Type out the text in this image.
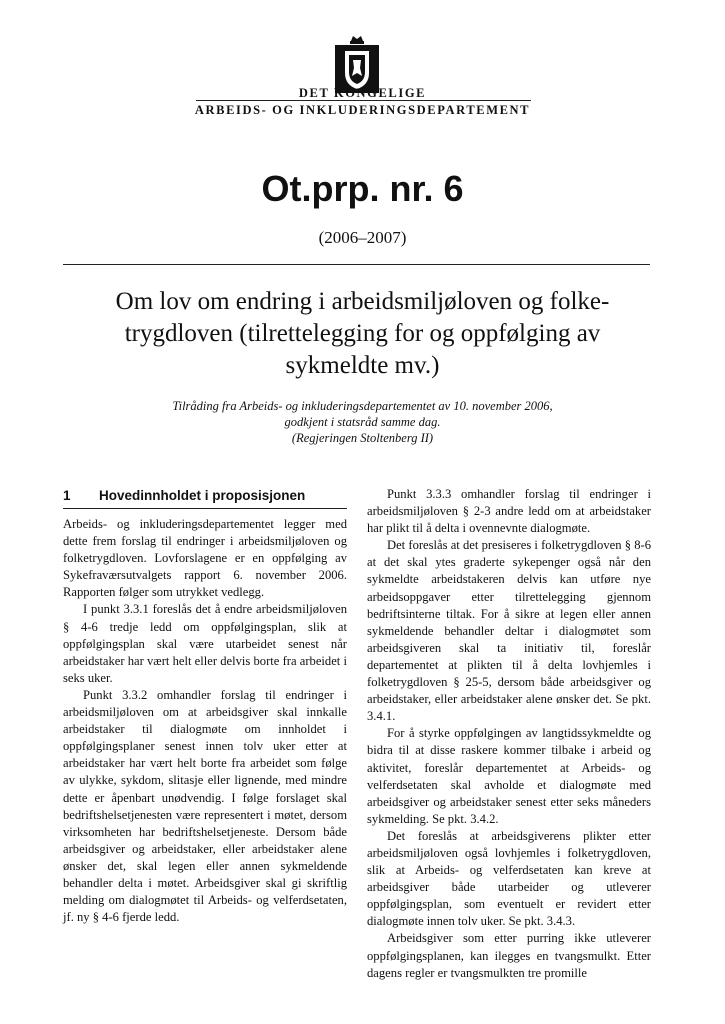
DET KONGELIGE
ARBEIDS- OG INKLUDERINGSDEPARTEMENT
Ot.prp. nr. 6
(2006–2007)
Om lov om endring i arbeidsmiljøloven og folketrygdloven (tilrettelegging for og oppfølging av sykmeldte mv.)
Tilråding fra Arbeids- og inkluderingsdepartementet av 10. november 2006,
godkjent i statsråd samme dag.
(Regjeringen Stoltenberg II)
1 Hovedinnholdet i proposisjonen

Arbeids- og inkluderingsdepartementet legger med dette frem forslag til endringer i arbeidsmiljøloven og folketrygdloven. Lovforslagene er en oppfølging av Sykefraværsutvalgets rapport 6. november 2006. Rapporten følger som utrykket vedlegg.

I punkt 3.3.1 foreslås det å endre arbeidsmiljøloven § 4-6 tredje ledd om oppfølgingsplan, slik at oppfølgingsplan skal være utarbeidet senest når arbeidstaker har vært helt eller delvis borte fra arbeidet i seks uker.

Punkt 3.3.2 omhandler forslag til endringer i arbeidsmiljøloven om at arbeidsgiver skal innkalle arbeidstaker til dialogmøte om innholdet i oppfølgingsplaner senest innen tolv uker etter at arbeidstaker har vært helt borte fra arbeidet som følge av ulykke, sykdom, slitasje eller lignende, med mindre dette er åpenbart unødvendig. I følge forslaget skal bedriftshelsetjenesten være representert i møtet, dersom virksomheten har bedriftshelsetjeneste. Dersom både arbeidsgiver og arbeidstaker, eller arbeidstaker alene ønsker det, skal legen eller annen sykmeldende behandler delta i møtet. Arbeidsgiver skal gi skriftlig melding om dialogmøtet til Arbeids- og velferdsetaten, jf. ny § 4-6 fjerde ledd.

Punkt 3.3.3 omhandler forslag til endringer i arbeidsmiljøloven § 2-3 andre ledd om at arbeidstaker har plikt til å delta i ovennevnte dialogmøte.

Det foreslås at det presiseres i folketrygdloven § 8-6 at det skal ytes graderte sykepenger også når den sykmeldte arbeidstakeren delvis kan utføre nye arbeidsoppgaver etter tilrettelegging gjennom bedriftsinterne tiltak. For å sikre at legen eller annen sykmeldende behandler deltar i dialogmøtet som arbeidsgiveren skal ta initiativ til, foreslår departementet at plikten til å delta lovhjemles i folketrygdloven § 25-5, dersom både arbeidsgiver og arbeidstaker, eller arbeidstaker alene ønsker det. Se pkt. 3.4.1.

For å styrke oppfølgingen av langtidssykmeldte og bidra til at disse raskere kommer tilbake i arbeid og aktivitet, foreslår departementet at Arbeids- og velferdsetaten skal avholde et dialogmøte med arbeidsgiver og arbeidstaker senest etter seks måneders sykmelding. Se pkt. 3.4.2.

Det foreslås at arbeidsgiverens plikter etter arbeidsmiljøloven også lovhjemles i folketrygdloven, slik at Arbeids- og velferdsetaten kan kreve at arbeidsgiver både utarbeider og utleverer oppfølgingsplan, som eventuelt er revidert etter dialogmøte innen tolv uker. Se pkt. 3.4.3.

Arbeidsgiver som etter purring ikke utleverer oppfølgingsplanen, kan ilegges en tvangsmulkt. Etter dagens regler er tvangsmulkten tre promille
